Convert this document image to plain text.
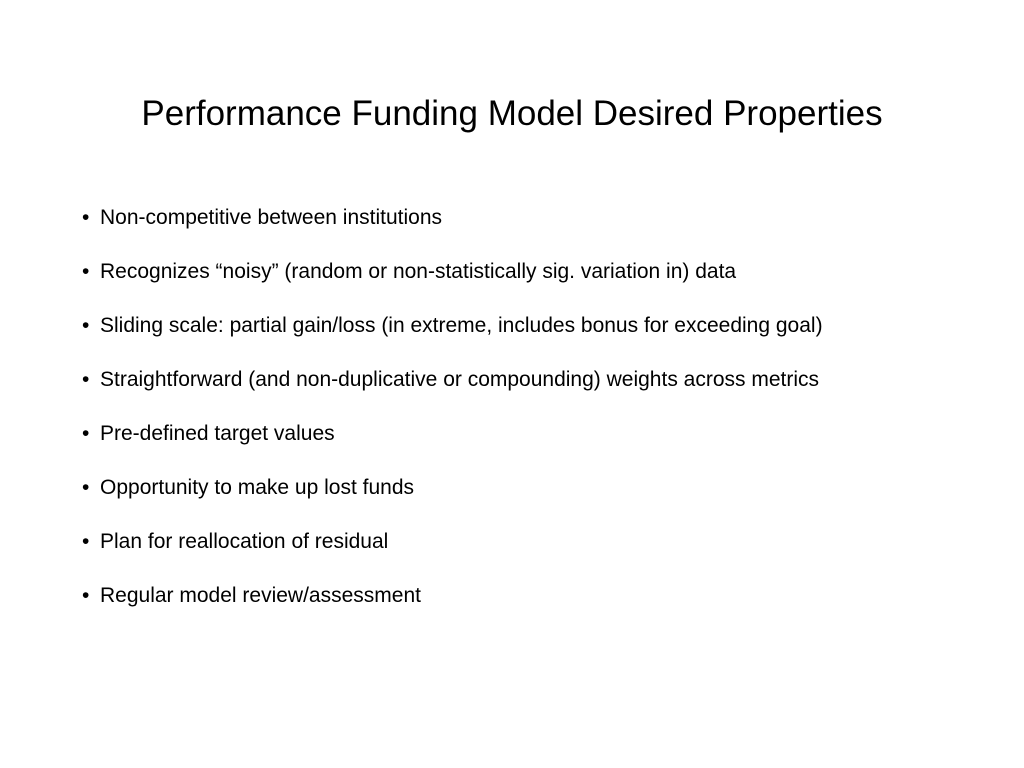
Performance Funding Model Desired Properties
• Non-competitive between institutions
• Recognizes “noisy” (random or non-statistically sig. variation in) data
• Sliding scale: partial gain/loss (in extreme, includes bonus for exceeding goal)
• Straightforward (and non-duplicative or compounding) weights across metrics
• Pre-defined target values
• Opportunity to make up lost funds
• Plan for reallocation of residual
• Regular model review/assessment
